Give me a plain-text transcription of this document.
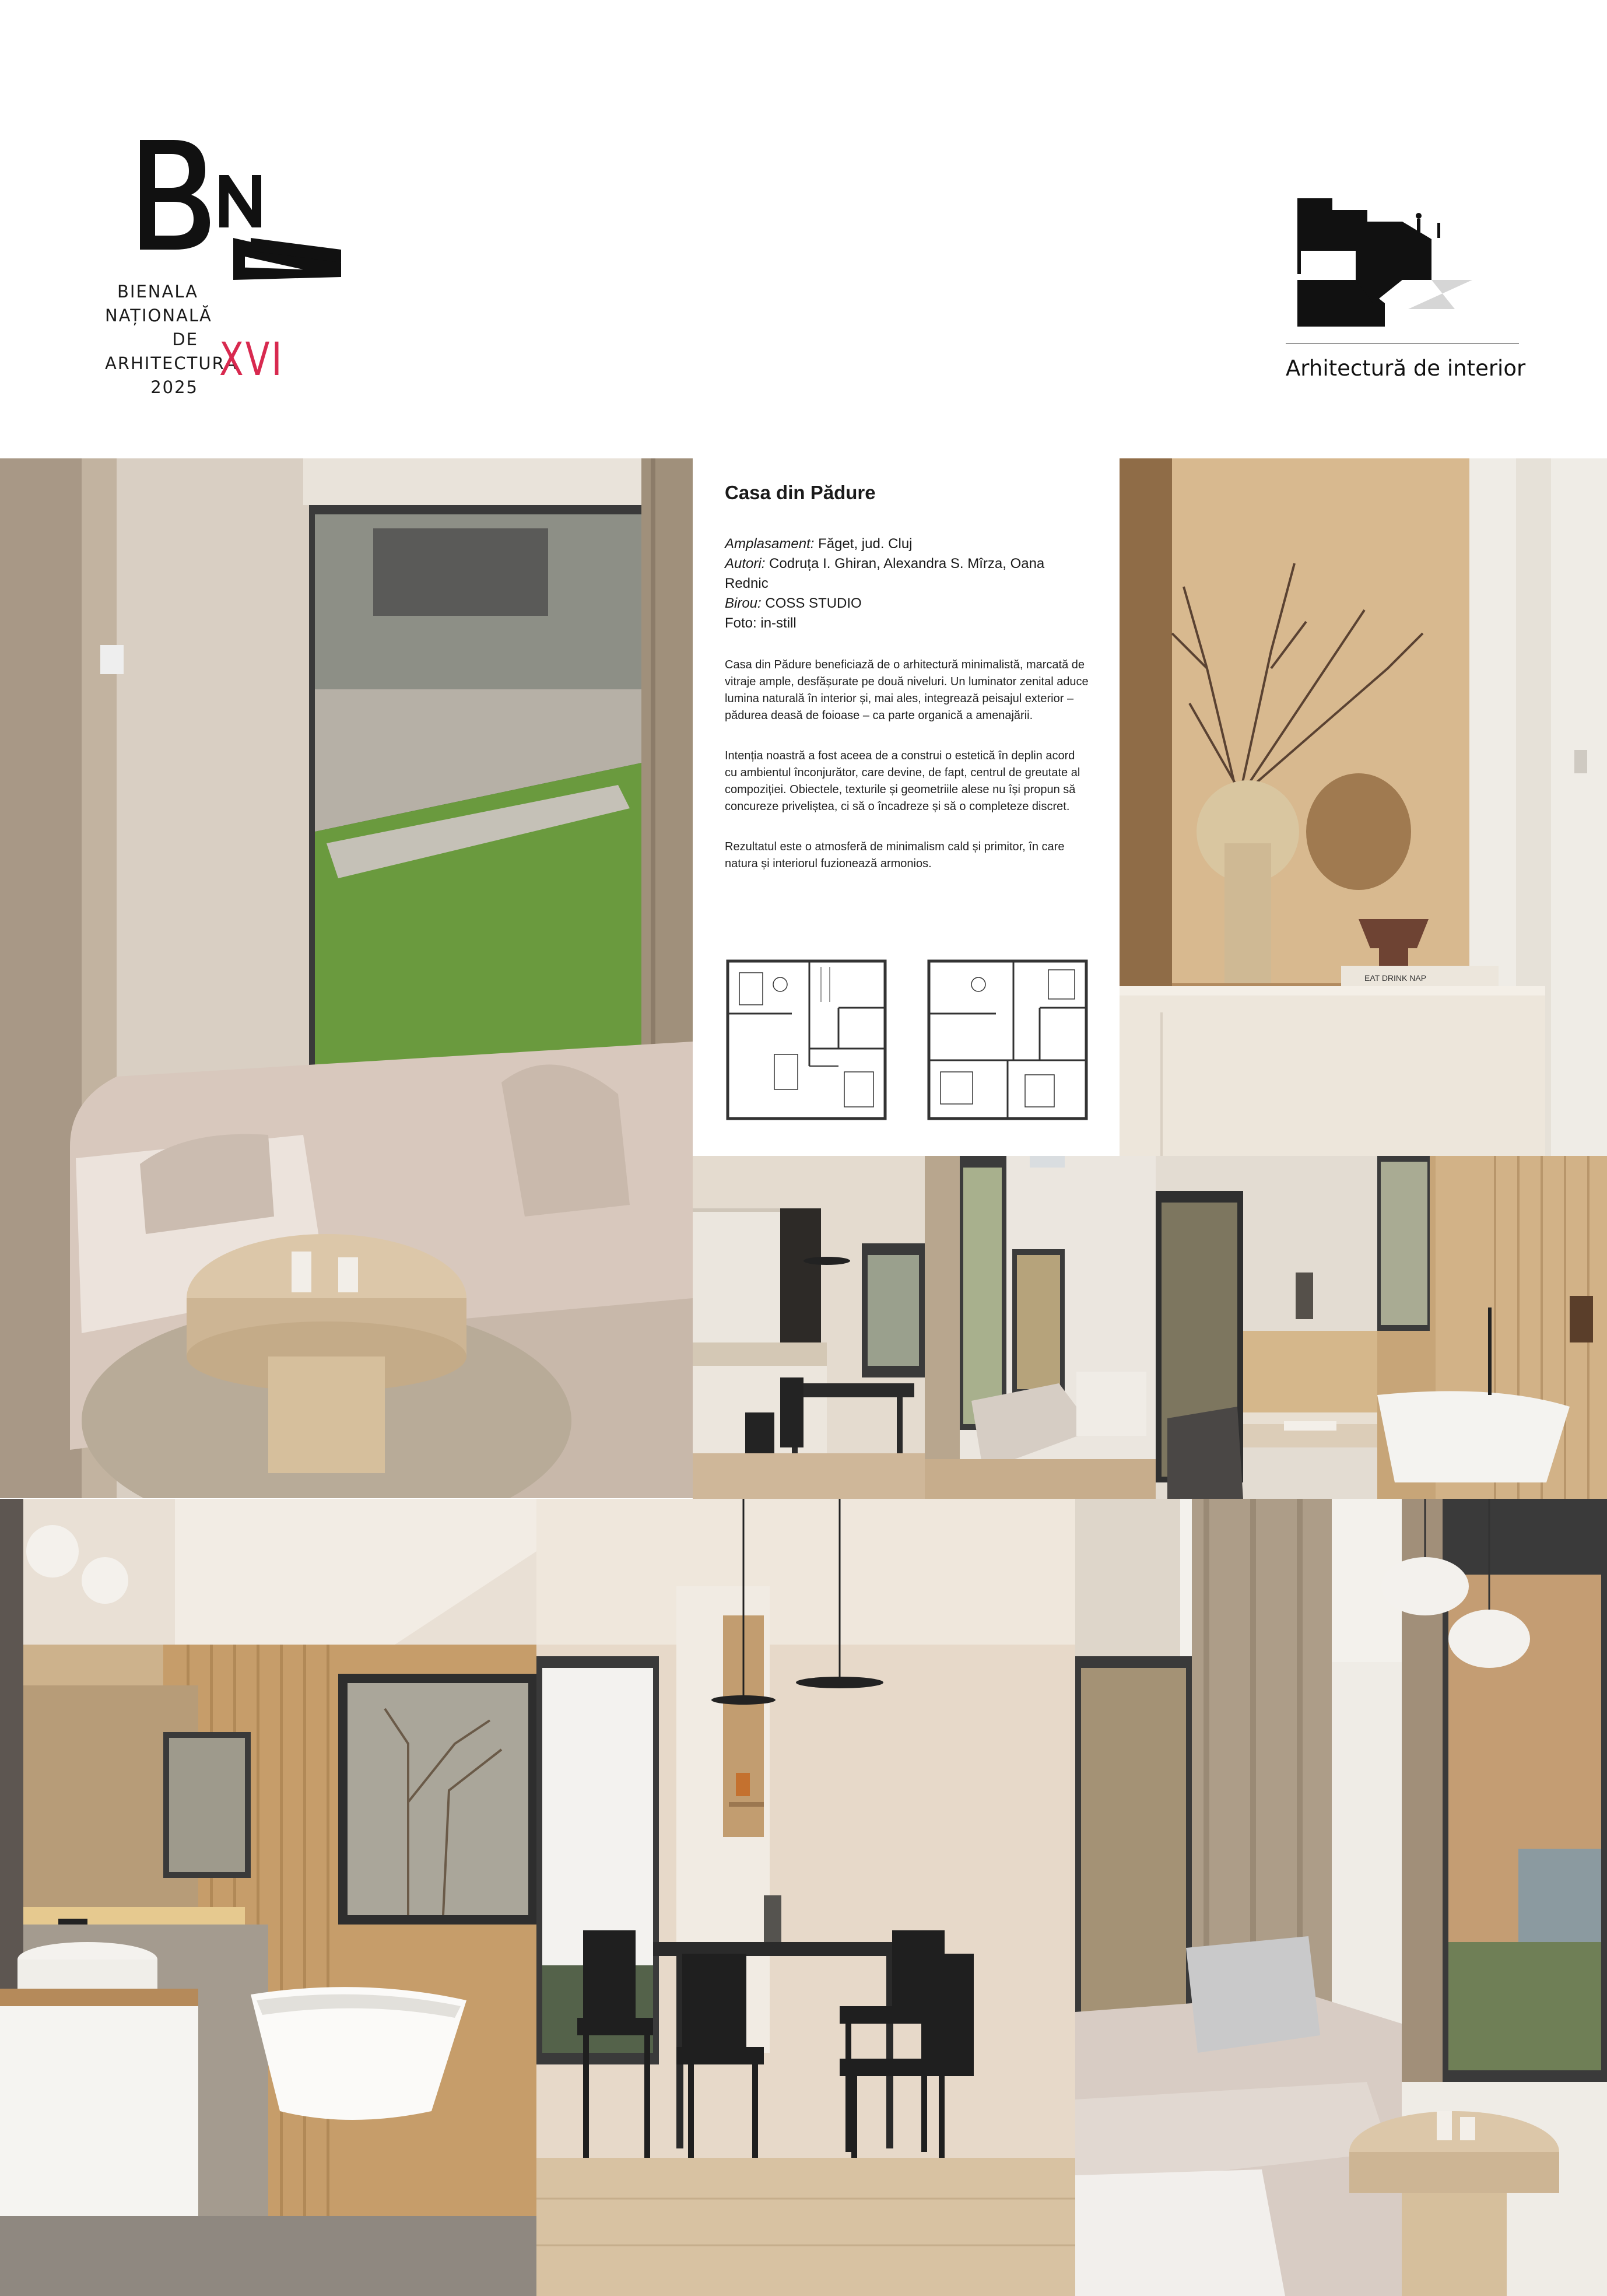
BIENALA
NAȚIONALĂ
DE
ARHITECTURĂ
2025
XVI	Arhitectură de interior
Casa din Pădure
Amplasament: Făget, jud. Cluj
Autori: Codruța I. Ghiran, Alexandra S. Mîrza, Oana Rednic
Birou: COSS STUDIO
Foto: in-still
Casa din Pădure beneficiază de o arhitectură minimalistă, marcată de vitraje ample, desfășurate pe două niveluri. Un luminator zenital aduce lumina naturală în interior și, mai ales, integrează peisajul exterior – pădurea deasă de foioase – ca parte organică a amenajării.
Intenția noastră a fost aceea de a construi o estetică în deplin acord cu ambientul înconjurător, care devine, de fapt, centrul de greutate al compoziției. Obiectele, texturile și geometriile alese nu își propun să concureze priveliștea, ci să o încadreze și să o completeze discret.
Rezultatul este o atmosferă de minimalism cald și primitor, în care natura și interiorul fuzionează armonios.
EAT DRINK NAP
